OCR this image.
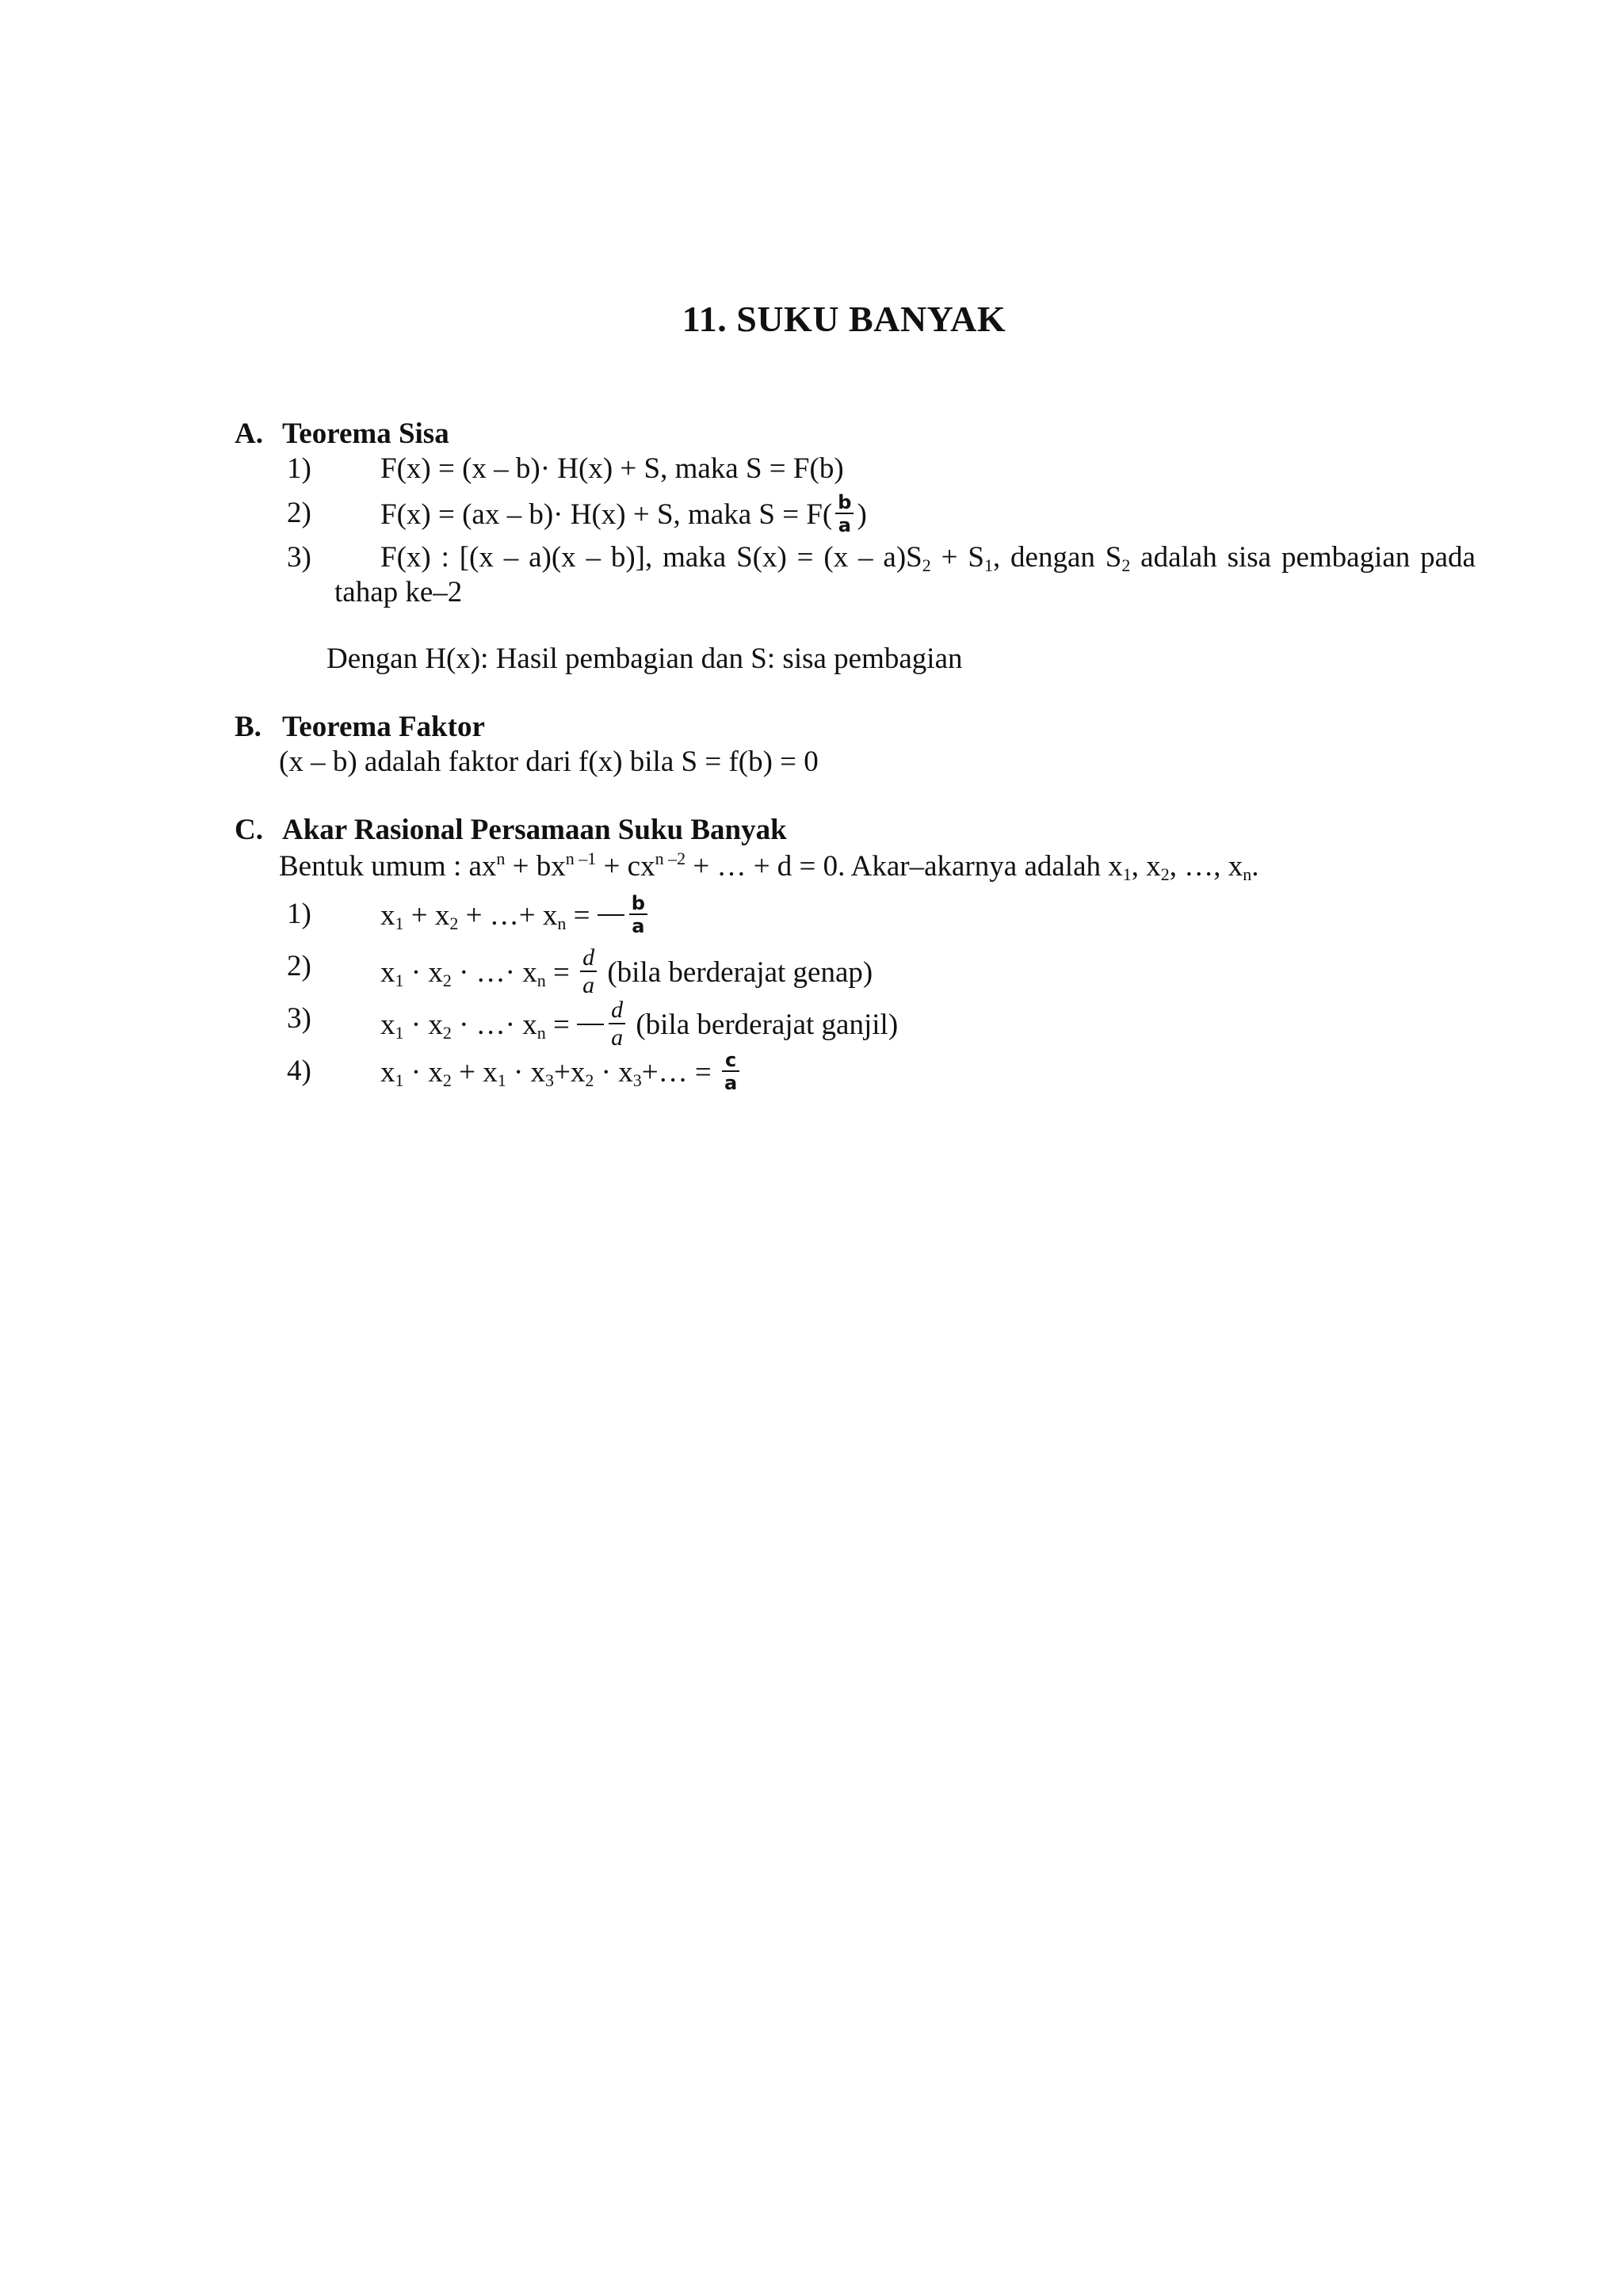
11. SUKU BANYAK
A. Teorema Sisa
1) F(x) = (x – b)· H(x) + S, maka S = F(b)
2) F(x) = (ax – b)· H(x) + S, maka $S = F( \frac{b}{a}$ )
3) F(x) : [(x – a)(x – b)], maka $S(x) = (x - a)S_2 + S_1$, dengan $S_2$ adalah sisa pembagian pada
tahap ke–2
Dengan H(x): Hasil pembagian dan S: sisa pembagian
B. Teorema Faktor
(x – b) adalah faktor dari f(x) bila S = f(b) = 0
C. Akar Rasional Persamaan Suku Banyak
Bentuk umum : $ax^n + bx^{n -1} + cx^{n -2}$ + … + d = 0. Akar–akarnya adalah $x_1$, $x_2$, …, $x_n$.
1) $x_1 + x_2$ + …+ $x_n = \frac{b}{a}$
2) $x_1 \cdot x_2$ · …· $x_n = \frac{d}{a}$ (bila berderajat genap)
3) $x_1 \cdot x_2$ · …· $x_n = \frac{d}{a}$ (bila berderajat ganjil)
4) $x_1 \cdot x_2 + x_1 \cdot x_3+x_2$ · $x_3+\dots = \frac{c}{a}$
